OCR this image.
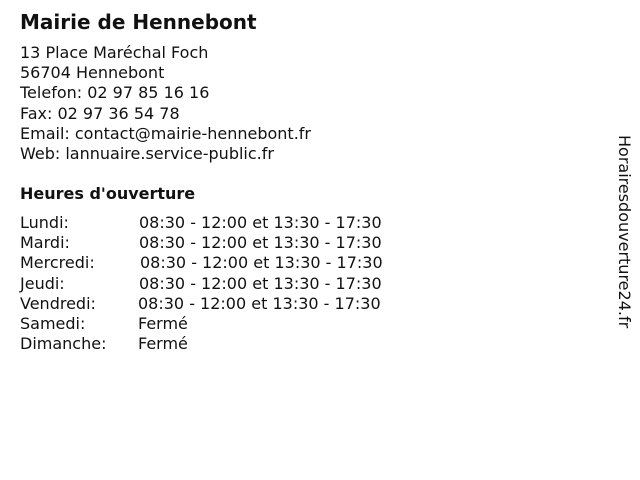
Mairie de Hennebont
13 Place Maréchal Foch
56704 Hennebont
Telefon: 02 97 85 16 16
Fax: 02 97 36 54 78
Email: contact@mairie-hennebont.fr
Web: lannuaire.service-public.fr
Heures d'ouverture
Lundi:	08:30 - 12:00 et 13:30 - 17:30
Mardi:	08:30 - 12:00 et 13:30 - 17:30
Mercredi:	08:30 - 12:00 et 13:30 - 17:30
Jeudi:	08:30 - 12:00 et 13:30 - 17:30
Vendredi:	08:30 - 12:00 et 13:30 - 17:30
Samedi:	Fermé
Dimanche: Fermé
Horairesdouverture24.fr
